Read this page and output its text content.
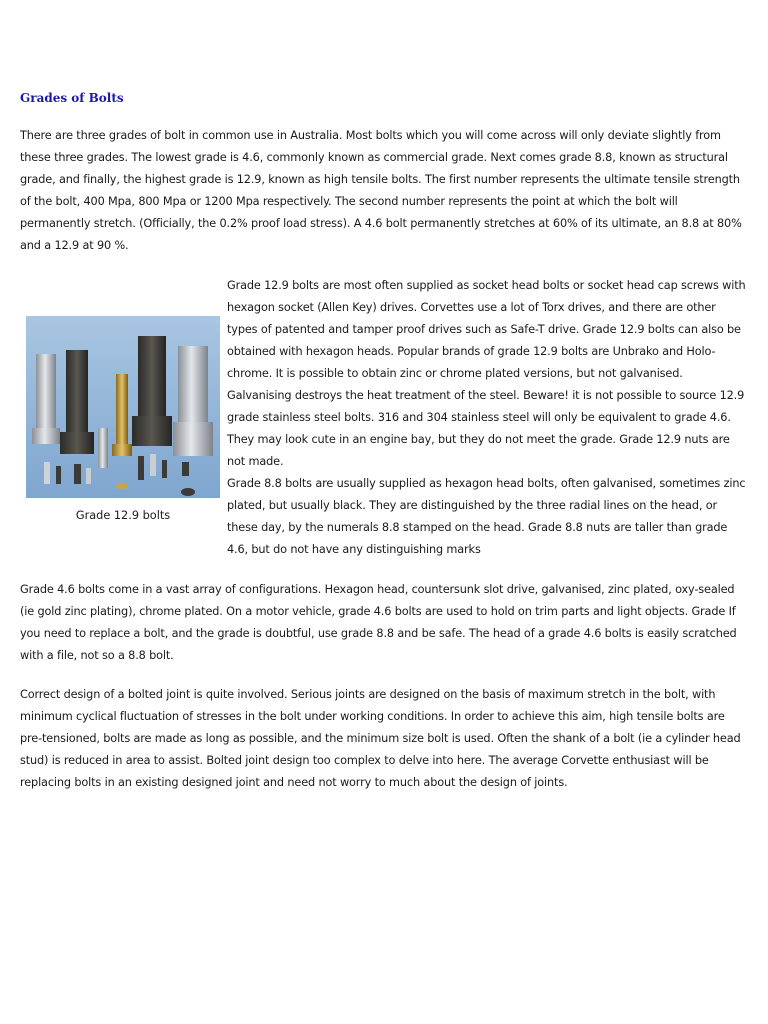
Grades of Bolts
There are three grades of bolt in common use in Australia. Most bolts which you will come across will only deviate slightly from these three grades. The lowest grade is 4.6, commonly known as commercial grade. Next comes grade 8.8, known as structural grade, and finally, the highest grade is 12.9, known as high tensile bolts. The first number represents the ultimate tensile strength of the bolt, 400 Mpa, 800 Mpa or 1200 Mpa respectively. The second number represents the point at which the bolt will permanently stretch. (Officially, the 0.2% proof load stress). A 4.6 bolt permanently stretches at 60% of its ultimate, an 8.8 at 80% and a 12.9 at 90 %.
Grade 12.9 bolts
Grade 12.9 bolts are most often supplied as socket head bolts or socket head cap screws with hexagon socket (Allen Key) drives. Corvettes use a lot of Torx drives, and there are other types of patented and tamper proof drives such as Safe-T drive. Grade 12.9 bolts can also be obtained with hexagon heads. Popular brands of grade 12.9 bolts are Unbrako and Holo-chrome. It is possible to obtain zinc or chrome plated versions, but not galvanised. Galvanising destroys the heat treatment of the steel. Beware! it is not possible to source 12.9 grade stainless steel bolts. 316 and 304 stainless steel will only be equivalent to grade 4.6. They may look cute in an engine bay, but they do not meet the grade. Grade 12.9 nuts are not made.
Grade 8.8 bolts are usually supplied as hexagon head bolts, often galvanised, sometimes zinc plated, but usually black. They are distinguished by the three radial lines on the head, or these day, by the numerals 8.8 stamped on the head. Grade 8.8 nuts are taller than grade 4.6, but do not have any distinguishing marks
Grade 4.6 bolts come in a vast array of configurations. Hexagon head, countersunk slot drive, galvanised, zinc plated, oxy-sealed (ie gold zinc plating), chrome plated. On a motor vehicle, grade 4.6 bolts are used to hold on trim parts and light objects. Grade If you need to replace a bolt, and the grade is doubtful, use grade 8.8 and be safe. The head of a grade 4.6 bolts is easily scratched with a file, not so a 8.8 bolt.
Correct design of a bolted joint is quite involved. Serious joints are designed on the basis of maximum stretch in the bolt, with minimum cyclical fluctuation of stresses in the bolt under working conditions. In order to achieve this aim, high tensile bolts are pre-tensioned, bolts are made as long as possible, and the minimum size bolt is used. Often the shank of a bolt (ie a cylinder head stud) is reduced in area to assist. Bolted joint design too complex to delve into here. The average Corvette enthusiast will be replacing bolts in an existing designed joint and need not worry to much about the design of joints.
